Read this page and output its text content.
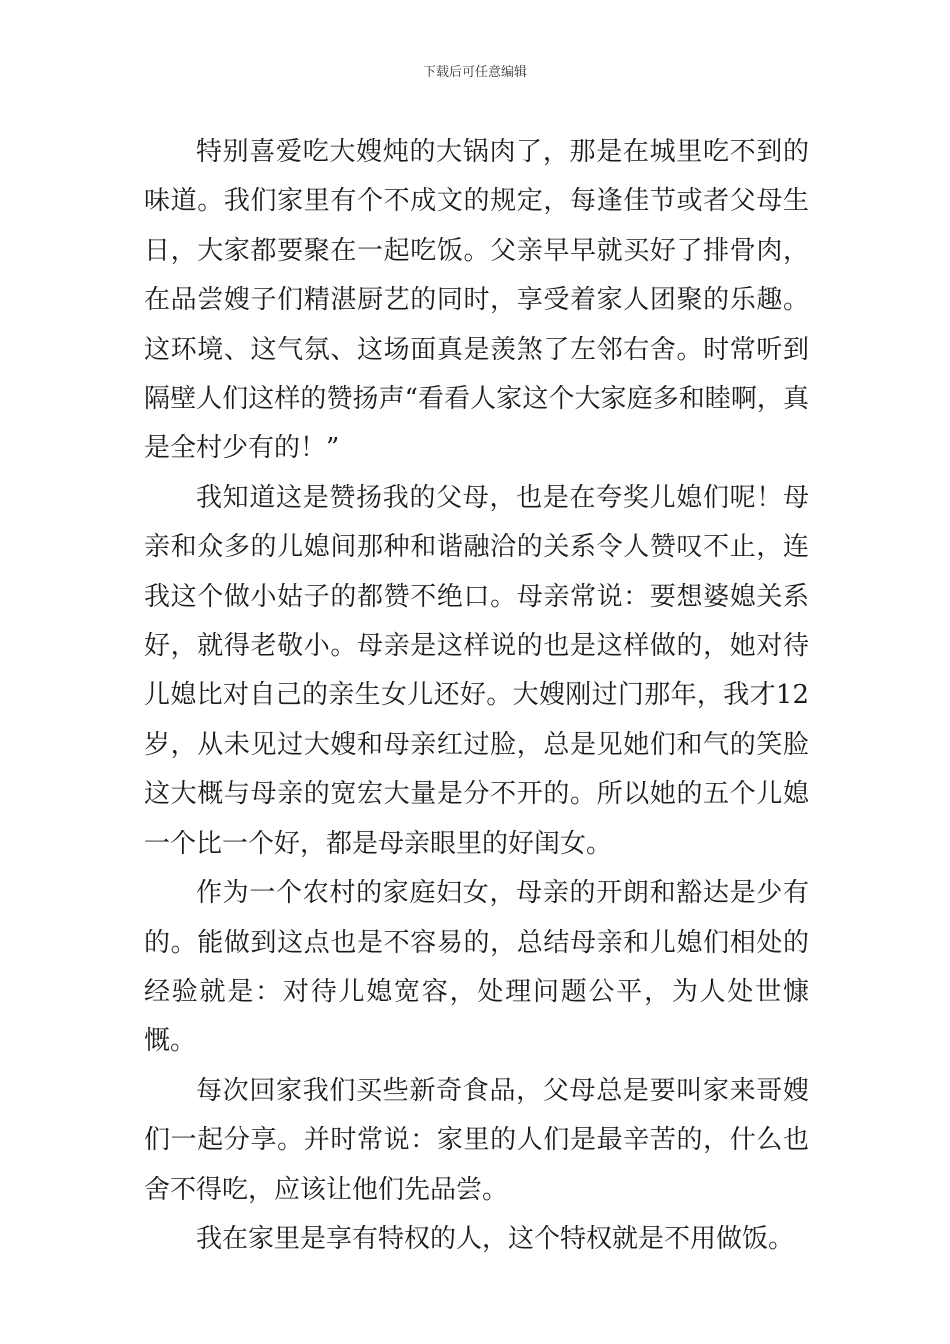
下载后可任意编辑

特别喜爱吃大嫂炖的大锅肉了，那是在城里吃不到的味道。我们家里有个不成文的规定，每逢佳节或者父母生日，大家都要聚在一起吃饭。父亲早早就买好了排骨肉，在品尝嫂子们精湛厨艺的同时，享受着家人团聚的乐趣。这环境、这气氛、这场面真是羡煞了左邻右舍。时常听到隔壁人们这样的赞扬声“看看人家这个大家庭多和睦啊，真是全村少有的！”

我知道这是赞扬我的父母，也是在夸奖儿媳们呢！母亲和众多的儿媳间那种和谐融洽的关系令人赞叹不止，连我这个做小姑子的都赞不绝口。母亲常说：要想婆媳关系好，就得老敬小。母亲是这样说的也是这样做的，她对待儿媳比对自己的亲生女儿还好。大嫂刚过门那年，我才12岁，从未见过大嫂和母亲红过脸，总是见她们和气的笑脸这大概与母亲的宽宏大量是分不开的。所以她的五个儿媳一个比一个好，都是母亲眼里的好闺女。

作为一个农村的家庭妇女，母亲的开朗和豁达是少有的。能做到这点也是不容易的，总结母亲和儿媳们相处的经验就是：对待儿媳宽容，处理问题公平，为人处世慷慨。

每次回家我们买些新奇食品，父母总是要叫家来哥嫂们一起分享。并时常说：家里的人们是最辛苦的，什么也舍不得吃，应该让他们先品尝。

我在家里是享有特权的人，这个特权就是不用做饭。
